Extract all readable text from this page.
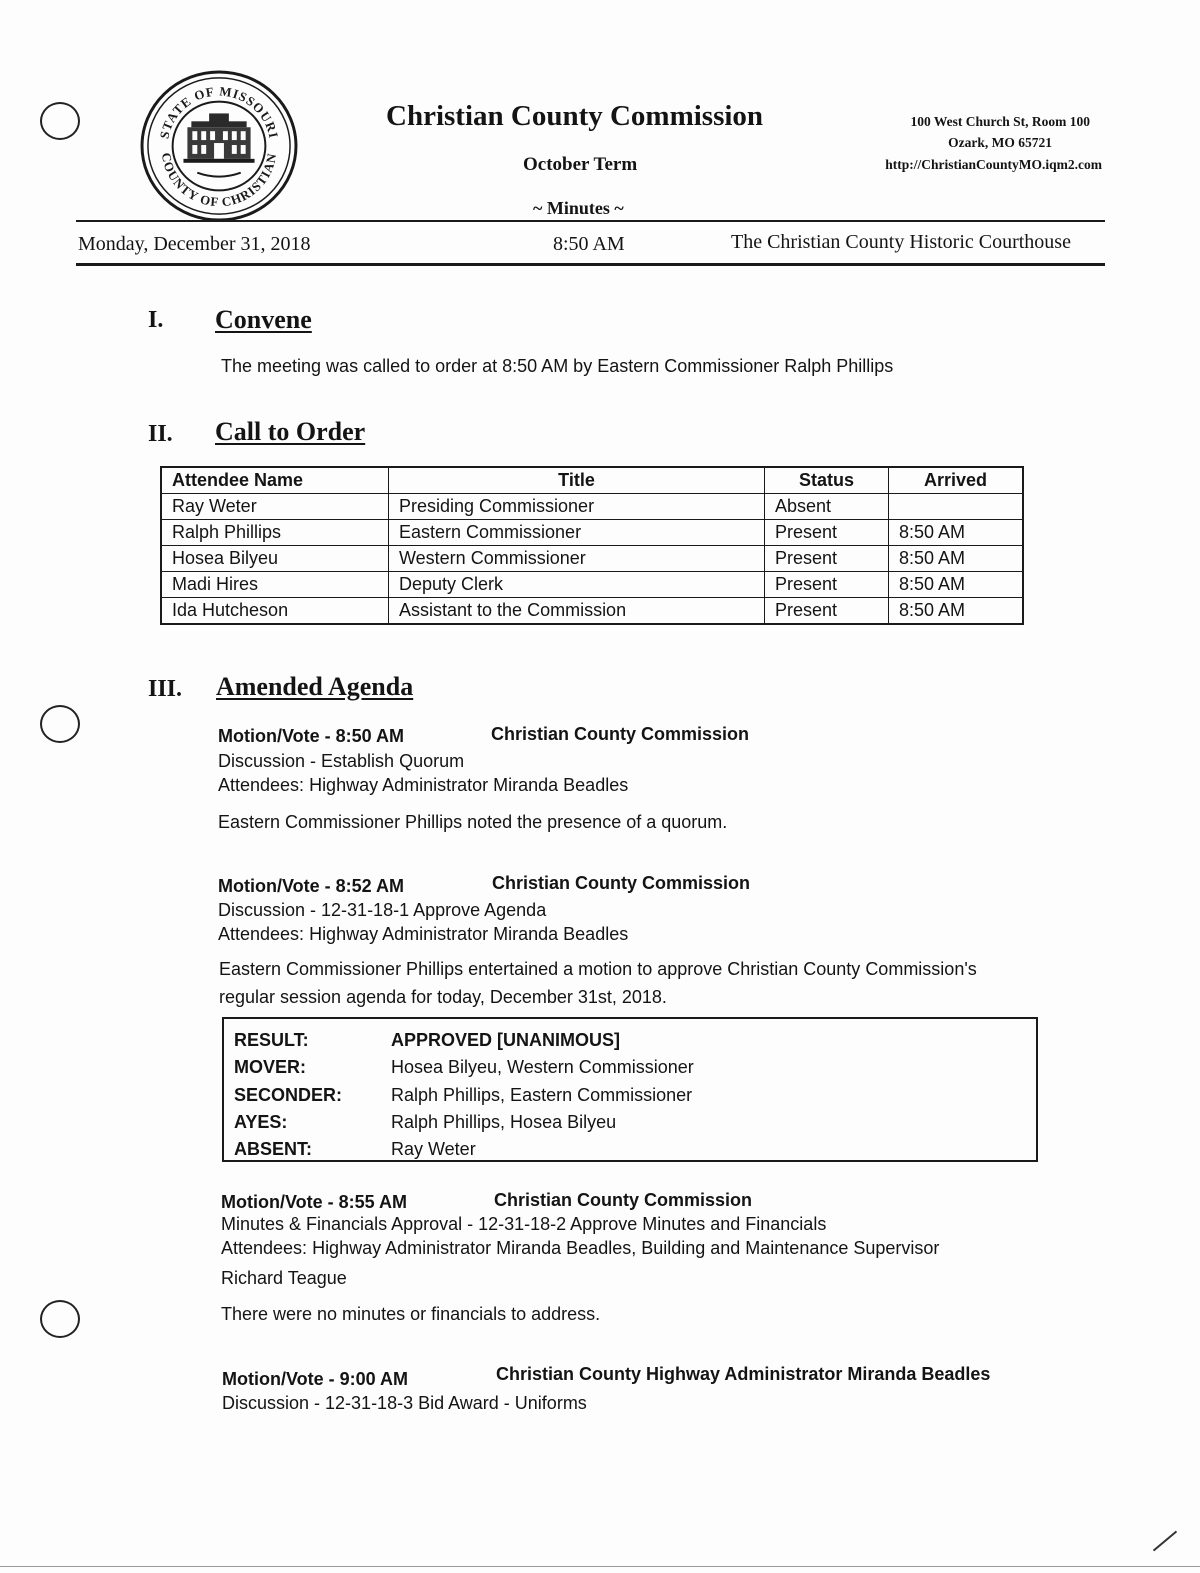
STATE OF MISSOURI
COUNTY OF CHRISTIAN
Christian County Commission
October Term
~ Minutes ~
100 West Church St, Room 100
Ozark, MO 65721
http://ChristianCountyMO.iqm2.com
Monday, December 31, 2018	8:50 AM	The Christian County Historic Courthouse
I. Convene
The meeting was called to order at 8:50 AM by Eastern Commissioner Ralph Phillips
II. Call to Order
Attendee Name	Title	Status	Arrived
Ray Weter	Presiding Commissioner	Absent	
Ralph Phillips	Eastern Commissioner	Present	8:50 AM
Hosea Bilyeu	Western Commissioner	Present	8:50 AM
Madi Hires	Deputy Clerk	Present	8:50 AM
Ida Hutcheson	Assistant to the Commission	Present	8:50 AM
III. Amended Agenda
Motion/Vote - 8:50 AM	Christian County Commission
Discussion - Establish Quorum
Attendees: Highway Administrator Miranda Beadles
Eastern Commissioner Phillips noted the presence of a quorum.
Motion/Vote - 8:52 AM	Christian County Commission
Discussion - 12-31-18-1 Approve Agenda
Attendees: Highway Administrator Miranda Beadles
Eastern Commissioner Phillips entertained a motion to approve Christian County Commission's
regular session agenda for today, December 31st, 2018.
RESULT:	APPROVED [UNANIMOUS]
MOVER:	Hosea Bilyeu, Western Commissioner
SECONDER:	Ralph Phillips, Eastern Commissioner
AYES:	Ralph Phillips, Hosea Bilyeu
ABSENT:	Ray Weter
Motion/Vote - 8:55 AM	Christian County Commission
Minutes & Financials Approval - 12-31-18-2 Approve Minutes and Financials
Attendees: Highway Administrator Miranda Beadles, Building and Maintenance Supervisor
Richard Teague
There were no minutes or financials to address.
Motion/Vote - 9:00 AM	Christian County Highway Administrator Miranda Beadles
Discussion - 12-31-18-3 Bid Award - Uniforms
